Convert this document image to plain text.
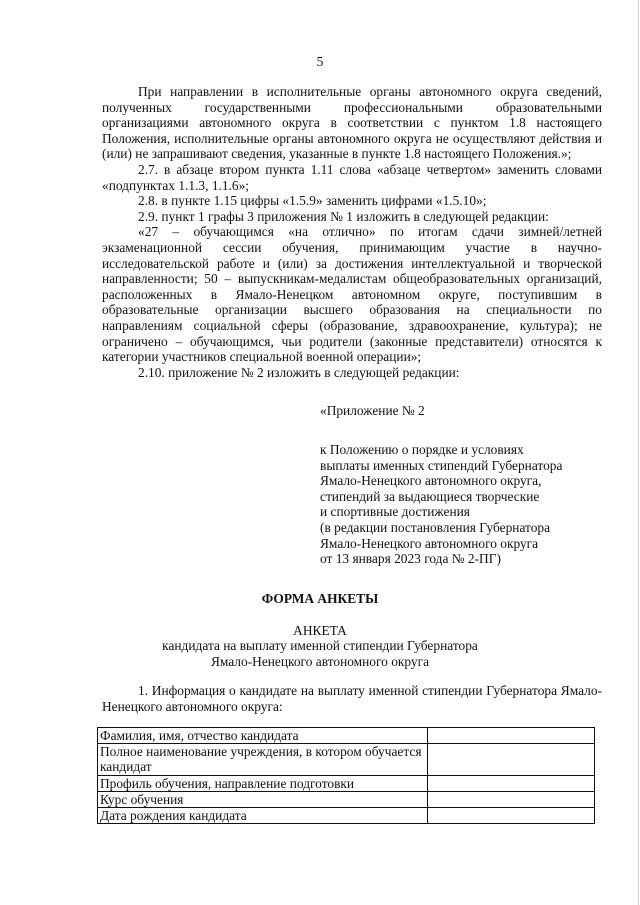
5

При направлении в исполнительные органы автономного округа сведений, полученных государственными профессиональными образовательными организациями автономного округа в соответствии с пунктом 1.8 настоящего Положения, исполнительные органы автономного округа не осуществляют действия и (или) не запрашивают сведения, указанные в пункте 1.8 настоящего Положения.»;

2.7. в абзаце втором пункта 1.11 слова «абзаце четвертом» заменить словами «подпунктах 1.1.3, 1.1.6»;

2.8. в пункте 1.15 цифры «1.5.9» заменить цифрами «1.5.10»;

2.9. пункт 1 графы 3 приложения № 1 изложить в следующей редакции:

«27 – обучающимся «на отлично» по итогам сдачи зимней/летней экзаменационной сессии обучения, принимающим участие в научно-исследовательской работе и (или) за достижения интеллектуальной и творческой направленности; 50 – выпускникам-медалистам общеобразовательных организаций, расположенных в Ямало-Ненецком автономном округе, поступившим в образовательные организации высшего образования на специальности по направлениям социальной сферы (образование, здравоохранение, культура); не ограничено – обучающимся, чьи родители (законные представители) относятся к категории участников специальной военной операции»;

2.10. приложение № 2 изложить в следующей редакции:

«Приложение № 2
к Положению о порядке и условиях
выплаты именных стипендий Губернатора
Ямало-Ненецкого автономного округа,
стипендий за выдающиеся творческие
и спортивные достижения
(в редакции постановления Губернатора
Ямало-Ненецкого автономного округа
от 13 января 2023 года № 2-ПГ)
ФОРМА АНКЕТЫ
АНКЕТА
кандидата на выплату именной стипендии Губернатора
Ямало-Ненецкого автономного округа

1. Информация о кандидате на выплату именной стипендии Губернатора Ямало-Ненецкого автономного округа:

Фамилия, имя, отчество кандидата	
Полное наименование учреждения, в котором обучается кандидат	
Профиль обучения, направление подготовки	
Курс обучения	
Дата рождения кандидата	
